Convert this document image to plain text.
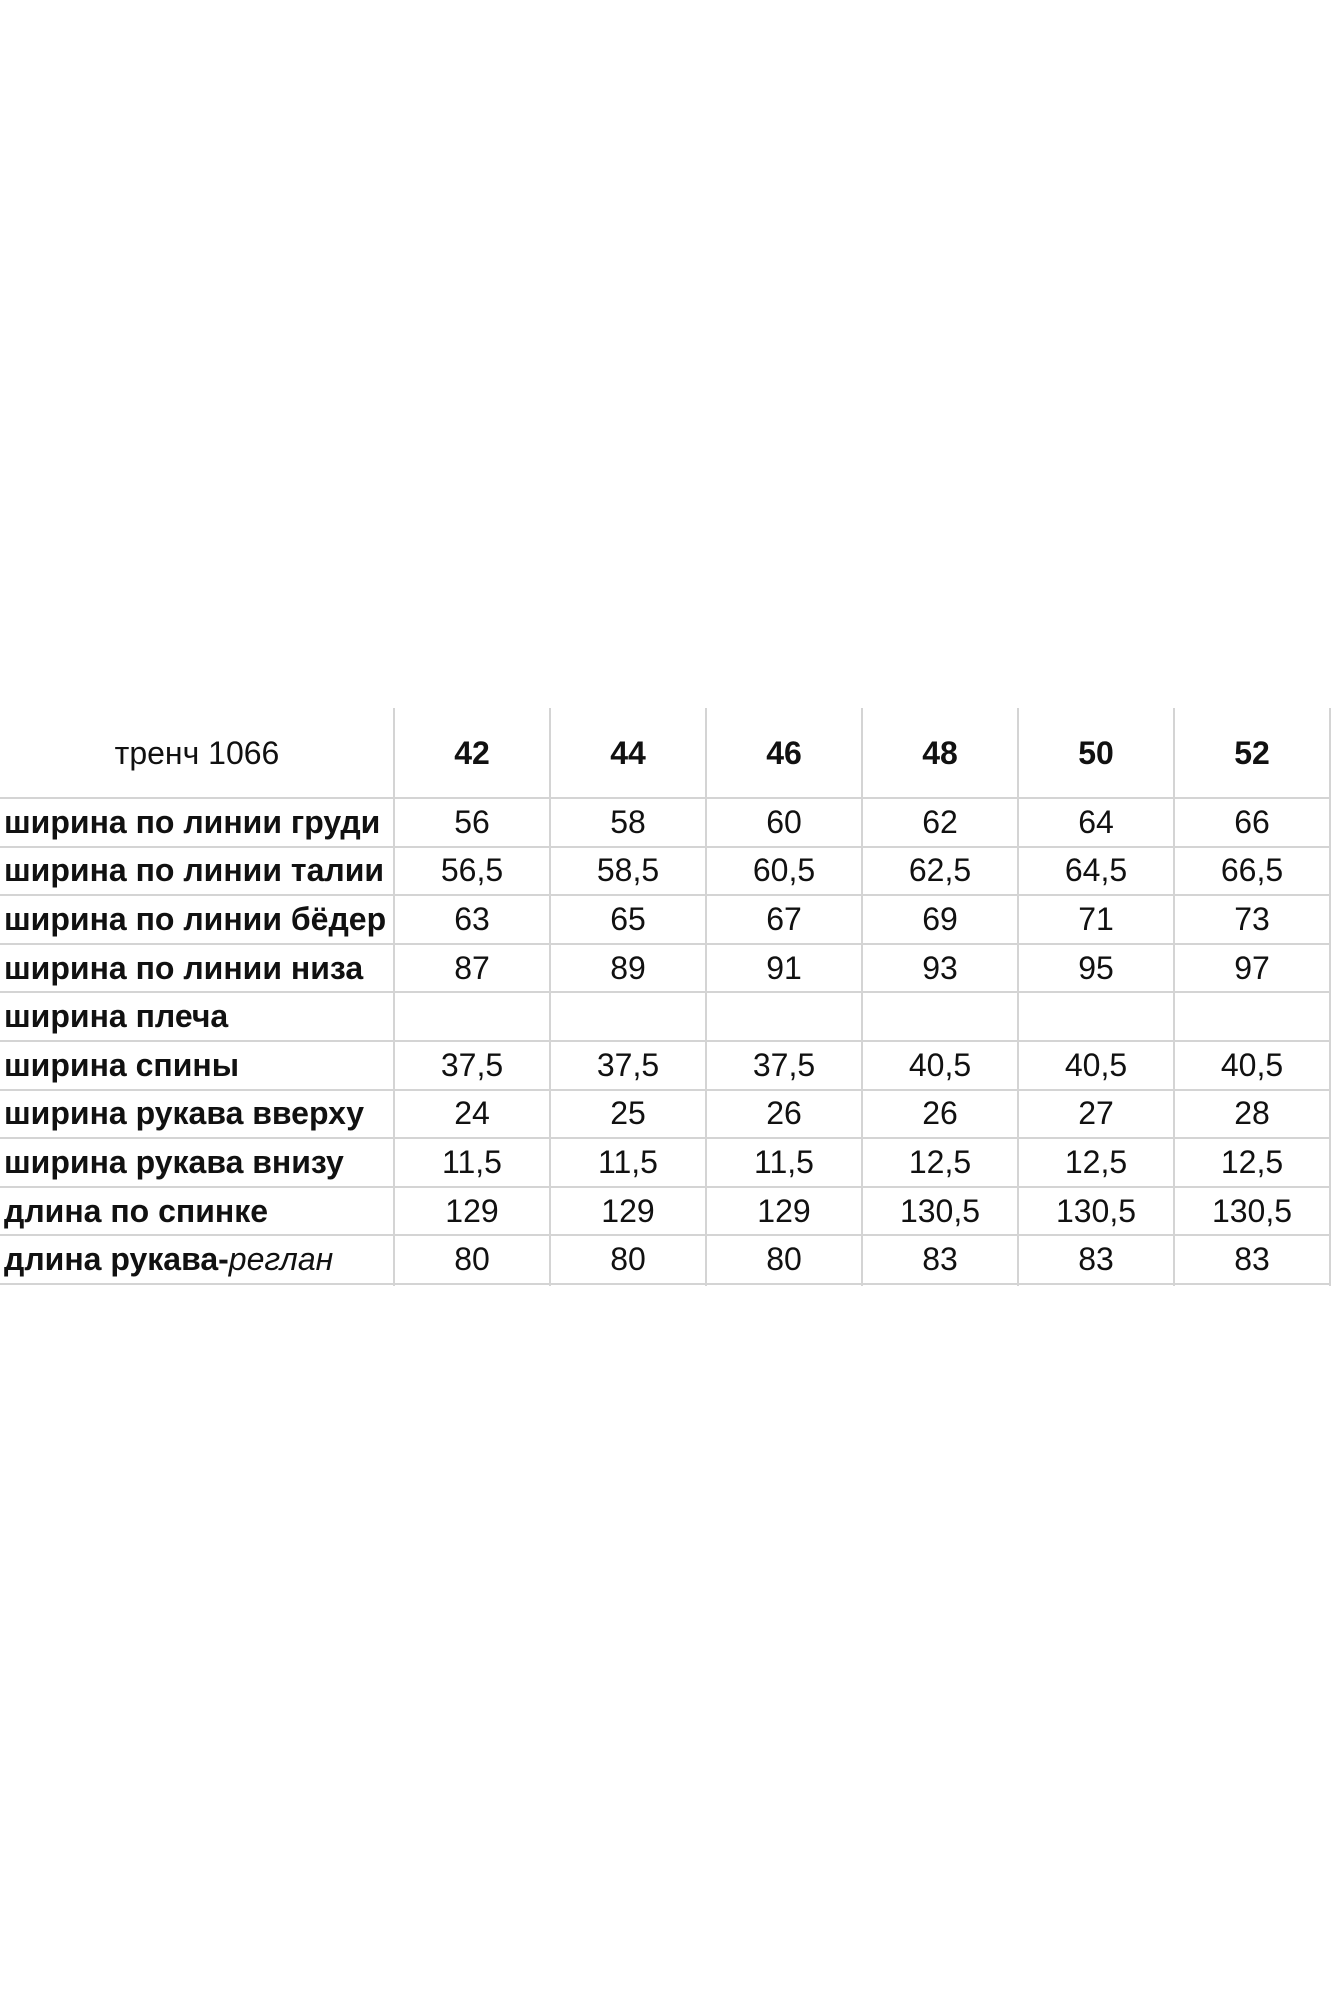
тренч 1066	42	44	46	48	50	52
ширина по линии груди	56	58	60	62	64	66
ширина по линии талии	56,5	58,5	60,5	62,5	64,5	66,5
ширина по линии бёдер	63	65	67	69	71	73
ширина по линии низа	87	89	91	93	95	97
ширина плеча
ширина спины	37,5	37,5	37,5	40,5	40,5	40,5
ширина рукава вверху	24	25	26	26	27	28
ширина рукава внизу	11,5	11,5	11,5	12,5	12,5	12,5
длина по спинке	129	129	129	130,5	130,5	130,5
длина рукава- реглан	80	80	80	83	83	83
